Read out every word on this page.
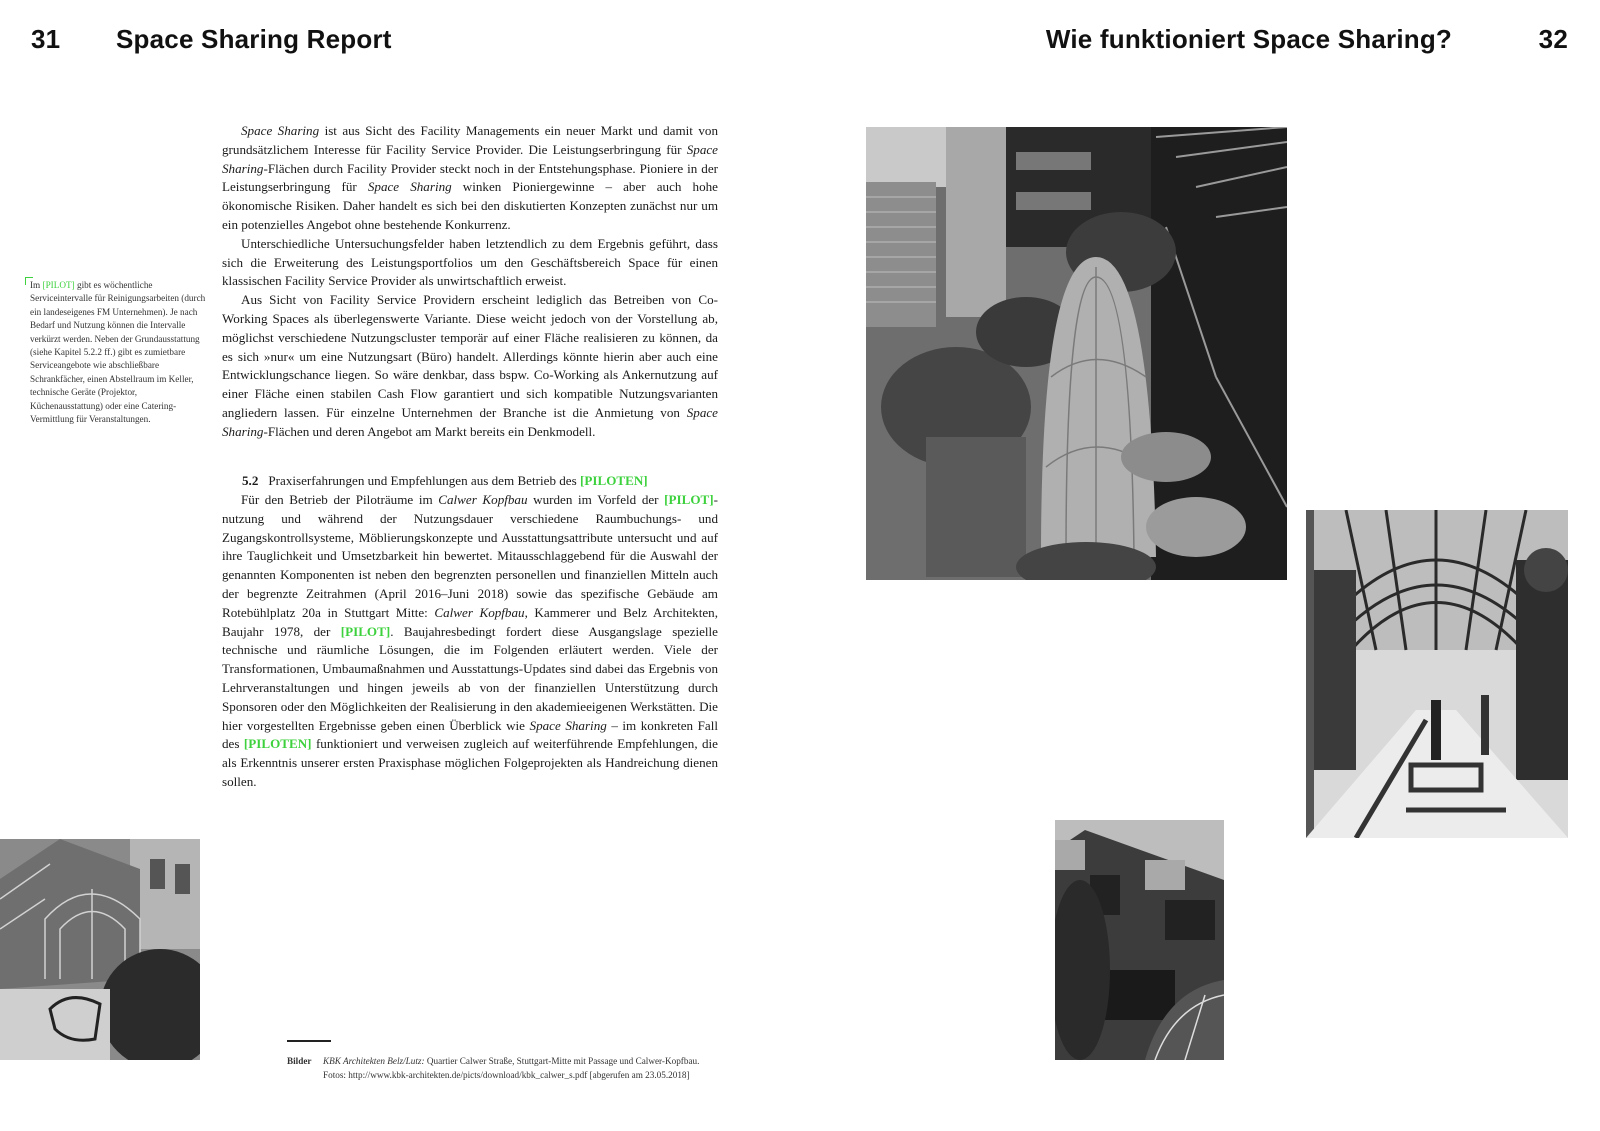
31 Space Sharing Report	Wie funktioniert Space Sharing?	32
Im [PILOT] gibt es wöchentliche Serviceintervalle für Reinigungsarbeiten (durch ein landeseigenes FM Unternehmen). Je nach Bedarf und Nutzung können die Intervalle verkürzt werden. Neben der Grundausstattung (siehe Kapitel 5.2.2 ff.) gibt es zumietbare Serviceangebote wie abschließbare Schrankfächer, einen Abstellraum im Keller, technische Geräte (Projektor, Küchenausstattung) oder eine Catering-Vermittlung für Veranstaltungen.

Space Sharing ist aus Sicht des Facility Managements ein neuer Markt und damit von grundsätzlichem Interesse für Facility Service Provider. Die Leistungserbringung für Space Sharing-Flächen durch Facility Provider steckt noch in der Entstehungsphase. Pioniere in der Leistungserbringung für Space Sharing winken Pioniergewinne – aber auch hohe ökonomische Risiken. Daher handelt es sich bei den diskutierten Konzepten zunächst nur um ein potenzielles Angebot ohne bestehende Konkurrenz.

Unterschiedliche Untersuchungsfelder haben letztendlich zu dem Ergebnis geführt, dass sich die Erweiterung des Leistungsportfolios um den Geschäftsbereich Space für einen klassischen Facility Service Provider als unwirtschaftlich erweist.

Aus Sicht von Facility Service Providern erscheint lediglich das Betreiben von Co-Working Spaces als überlegenswerte Variante. Diese weicht jedoch von der Vorstellung ab, möglichst verschiedene Nutzungscluster temporär auf einer Fläche realisieren zu können, da es sich »nur« um eine Nutzungsart (Büro) handelt. Allerdings könnte hierin aber auch eine Entwicklungschance liegen. So wäre denkbar, dass bspw. Co-Working als Ankernutzung auf einer Fläche einen stabilen Cash Flow garantiert und sich kompatible Nutzungsvarianten angliedern lassen. Für einzelne Unternehmen der Branche ist die Anmietung von Space Sharing-Flächen und deren Angebot am Markt bereits ein Denkmodell.

5.2 Praxiserfahrungen und Empfehlungen aus dem Betrieb des [PILOTEN]

Für den Betrieb der Piloträume im Calwer Kopfbau wurden im Vorfeld der [PILOT]-nutzung und während der Nutzungsdauer verschiedene Raumbuchungs- und Zugangskontrollsysteme, Möblierungskonzepte und Ausstattungsattribute untersucht und auf ihre Tauglichkeit und Umsetzbarkeit hin bewertet. Mitausschlaggebend für die Auswahl der genannten Komponenten ist neben den begrenzten personellen und finanziellen Mitteln auch der begrenzte Zeitrahmen (April 2016–Juni 2018) sowie das spezifische Gebäude am Rotebühlplatz 20a in Stuttgart Mitte: Calwer Kopfbau, Kammerer und Belz Architekten, Baujahr 1978, der [PILOT]. Baujahresbedingt fordert diese Ausgangslage spezielle technische und räumliche Lösungen, die im Folgenden erläutert werden. Viele der Transformationen, Umbaumaßnahmen und Ausstattungs-Updates sind dabei das Ergebnis von Lehrveranstaltungen und hingen jeweils ab von der finanziellen Unterstützung durch Sponsoren oder den Möglichkeiten der Realisierung in den akademieeigenen Werkstätten. Die hier vorgestellten Ergebnisse geben einen Überblick wie Space Sharing – im konkreten Fall des [PILOTEN] funktioniert und verweisen zugleich auf weiterführende Empfehlungen, die als Erkenntnis unserer ersten Praxisphase möglichen Folgeprojekten als Handreichung dienen sollen.

Bilder KBK Architekten Belz/Lutz: Quartier Calwer Straße, Stuttgart-Mitte mit Passage und Calwer-Kopfbau.
Fotos: http://www.kbk-architekten.de/picts/download/kbk_calwer_s.pdf [abgerufen am 23.05.2018]
